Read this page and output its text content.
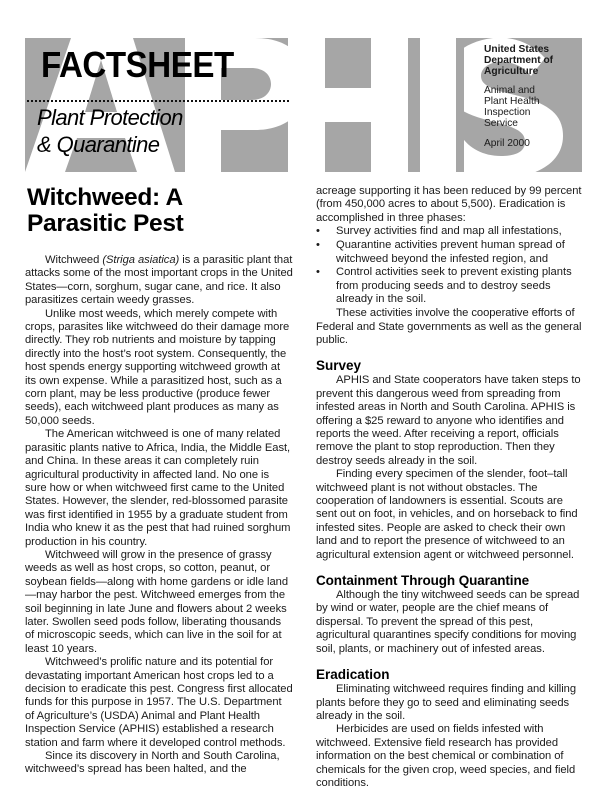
FACTSHEET
Plant Protection
& Quarantine
United States
Department of
Agriculture
Animal and
Plant Health
Inspection
Service
April 2000
Witchweed: A
Parasitic Pest

Witchweed (Striga asiatica) is a parasitic plant that attacks some of the most important crops in the United States—corn, sorghum, sugar cane, and rice. It also parasitizes certain weedy grasses.

Unlike most weeds, which merely compete with crops, parasites like witchweed do their damage more directly. They rob nutrients and moisture by tapping directly into the host’s root system. Consequently, the host spends energy supporting witchweed growth at its own expense. While a parasitized host, such as a corn plant, may be less productive (produce fewer seeds), each witchweed plant produces as many as 50,000 seeds.

The American witchweed is one of many related parasitic plants native to Africa, India, the Middle East, and China. In these areas it can completely ruin agricultural productivity in affected land. No one is sure how or when witchweed first came to the United States. However, the slender, red-blossomed parasite was first identified in 1955 by a graduate student from India who knew it as the pest that had ruined sorghum production in his country.

Witchweed will grow in the presence of grassy weeds as well as host crops, so cotton, peanut, or soybean fields—along with home gardens or idle land—may harbor the pest. Witchweed emerges from the soil beginning in late June and flowers about 2 weeks later. Swollen seed pods follow, liberating thousands of microscopic seeds, which can live in the soil for at least 10 years.

Witchweed’s prolific nature and its potential for devastating important American host crops led to a decision to eradicate this pest. Congress first allocated funds for this purpose in 1957. The U.S. Department of Agriculture’s (USDA) Animal and Plant Health Inspection Service (APHIS) established a research station and farm where it developed control methods.

Since its discovery in North and South Carolina, witchweed’s spread has been halted, and the

acreage supporting it has been reduced by 99 percent (from 450,000 acres to about 5,500). Eradication is accomplished in three phases:

• Survey activities find and map all infestations,
• Quarantine activities prevent human spread of witchweed beyond the infested region, and
• Control activities seek to prevent existing plants from producing seeds and to destroy seeds already in the soil.

These activities involve the cooperative efforts of Federal and State governments as well as the general public.

Survey

APHIS and State cooperators have taken steps to prevent this dangerous weed from spreading from infested areas in North and South Carolina. APHIS is offering a $25 reward to anyone who identifies and reports the weed. After receiving a report, officials remove the plant to stop reproduction. Then they destroy seeds already in the soil.

Finding every specimen of the slender, foot–tall witchweed plant is not without obstacles. The cooperation of landowners is essential. Scouts are sent out on foot, in vehicles, and on horseback to find infested sites. People are asked to check their own land and to report the presence of witchweed to an agricultural extension agent or witchweed personnel.

Containment Through Quarantine

Although the tiny witchweed seeds can be spread by wind or water, people are the chief means of dispersal. To prevent the spread of this pest, agricultural quarantines specify conditions for moving soil, plants, or machinery out of infested areas.

Eradication

Eliminating witchweed requires finding and killing plants before they go to seed and eliminating seeds already in the soil.

Herbicides are used on fields infested with witchweed. Extensive field research has provided information on the best chemical or combination of chemicals for the given crop, weed species, and field conditions.
